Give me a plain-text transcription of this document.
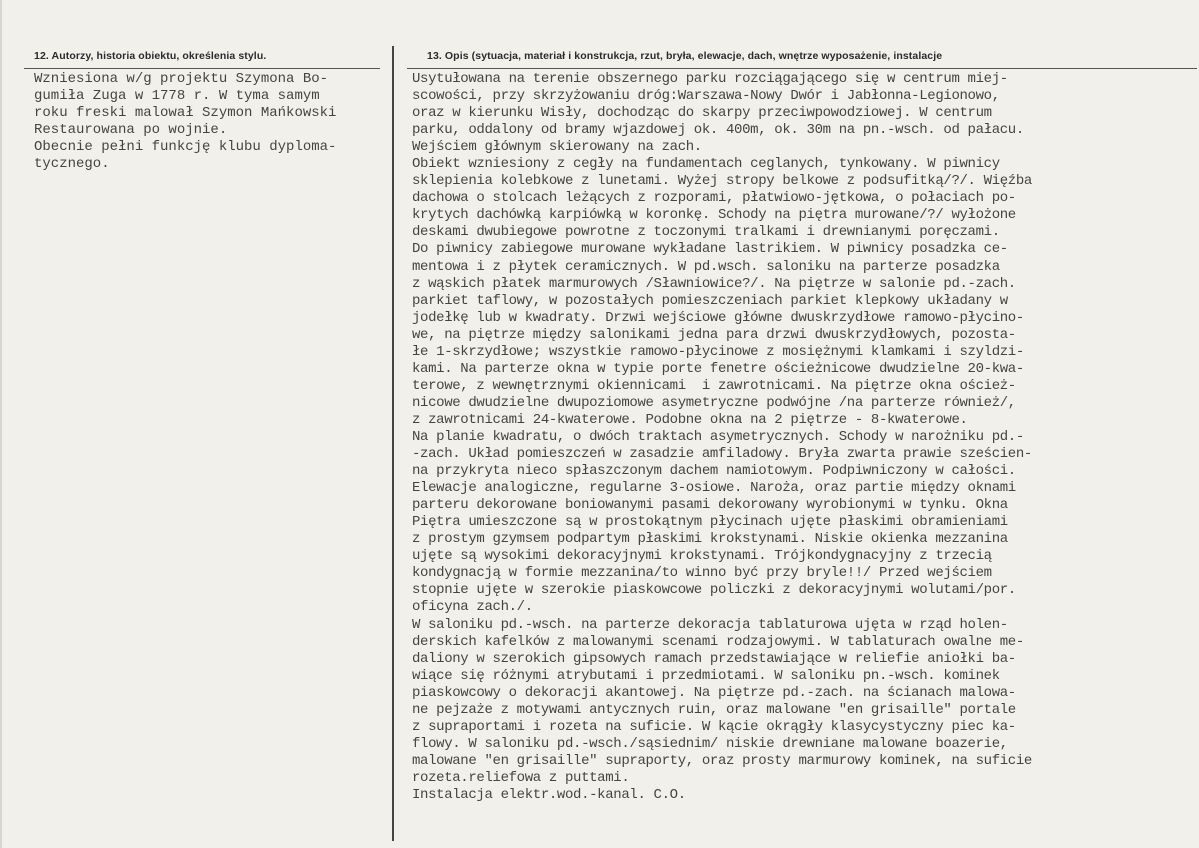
12. Autorzy, historia obiektu, określenia stylu.	13. Opis (sytuacja, materiał i konstrukcja, rzut, bryła, elewacje, dach, wnętrze wyposażenie, instalacje
Wzniesiona w/g projektu Szymona Bo-
gumiła Zuga w 1778 r. W tyma samym
roku freski malował Szymon Mańkowski
Restaurowana po wojnie.
Obecnie pełni funkcję klubu dyploma-
tycznego.
Usytułowana na terenie obszernego parku rozciągającego się w centrum miej-
scowości, przy skrzyżowaniu dróg:Warszawa-Nowy Dwór i Jabłonna-Legionowo,
oraz w kierunku Wisły, dochodząc do skarpy przeciwpowodziowej. W centrum
parku, oddalony od bramy wjazdowej ok. 400m, ok. 30m na pn.-wsch. od pałacu.
Wejściem głównym skierowany na zach.
Obiekt wzniesiony z cegły na fundamentach ceglanych, tynkowany. W piwnicy
sklepienia kolebkowe z lunetami. Wyżej stropy belkowe z podsufitką/?/. Więźba
dachowa o stolcach leżących z rozporami, płatwiowo-jętkowa, o połaciach po-
krytych dachówką karpiówką w koronkę. Schody na piętra murowane/?/ wyłożone
deskami dwubiegowe powrotne z toczonymi tralkami i drewnianymi poręczami.
Do piwnicy zabiegowe murowane wykładane lastrikiem. W piwnicy posadzka ce-
mentowa i z płytek ceramicznych. W pd.wsch. saloniku na parterze posadzka
z wąskich płatek marmurowych /Sławniowice?/. Na piętrze w salonie pd.-zach.
parkiet taflowy, w pozostałych pomieszczeniach parkiet klepkowy układany w
jodełkę lub w kwadraty. Drzwi wejściowe główne dwuskrzydłowe ramowo-płycino-
we, na piętrze między salonikami jedna para drzwi dwuskrzydłowych, pozosta-
łe 1-skrzydłowe; wszystkie ramowo-płycinowe z mosiężnymi klamkami i szyldzi-
kami. Na parterze okna w typie porte fenetre ościeżnicowe dwudzielne 20-kwa-
terowe, z wewnętrznymi okiennicami  i zawrotnicami. Na piętrze okna oścież-
nicowe dwudzielne dwupoziomowe asymetryczne podwójne /na parterze również/,
z zawrotnicami 24-kwaterowe. Podobne okna na 2 piętrze - 8-kwaterowe.
Na planie kwadratu, o dwóch traktach asymetrycznych. Schody w narożniku pd.-
-zach. Układ pomieszczeń w zasadzie amfiladowy. Bryła zwarta prawie sześcien-
na przykryta nieco spłaszczonym dachem namiotowym. Podpiwniczony w całości.
Elewacje analogiczne, regularne 3-osiowe. Naroża, oraz partie między oknami
parteru dekorowane boniowanymi pasami dekorowany wyrobionymi w tynku. Okna
Piętra umieszczone są w prostokątnym płycinach ujęte płaskimi obramieniami
z prostym gzymsem podpartym płaskimi krokstynami. Niskie okienka mezzanina
ujęte są wysokimi dekoracyjnymi krokstynami. Trójkondygnacyjny z trzecią
kondygnacją w formie mezzanina/to winno być przy bryle!!/ Przed wejściem
stopnie ujęte w szerokie piaskowcowe policzki z dekoracyjnymi wolutami/por.
oficyna zach./.
W saloniku pd.-wsch. na parterze dekoracja tablaturowa ujęta w rząd holen-
derskich kafelków z malowanymi scenami rodzajowymi. W tablaturach owalne me-
daliony w szerokich gipsowych ramach przedstawiające w reliefie aniołki ba-
wiące się różnymi atrybutami i przedmiotami. W saloniku pn.-wsch. kominek
piaskowcowy o dekoracji akantowej. Na piętrze pd.-zach. na ścianach malowa-
ne pejzaże z motywami antycznych ruin, oraz malowane "en grisaille" portale
z supraportami i rozeta na suficie. W kącie okrągły klasycystyczny piec ka-
flowy. W saloniku pd.-wsch./sąsiednim/ niskie drewniane malowane boazerie,
malowane "en grisaille" supraporty, oraz prosty marmurowy kominek, na suficie
rozeta.reliefowa z puttami.
Instalacja elektr.wod.-kanal. C.O.
